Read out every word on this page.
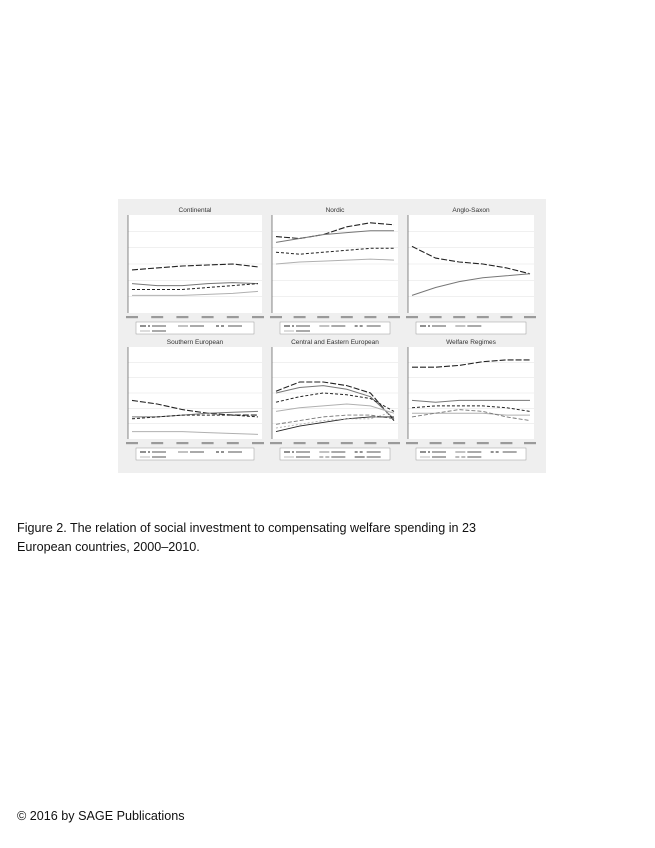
Continental	Nordic	Anglo-Saxon
Southern European	Central and Eastern European	Welfare Regimes
Figure 2. The relation of social investment to compensating welfare spending in 23
European countries, 2000–2010.
© 2016 by SAGE Publications
